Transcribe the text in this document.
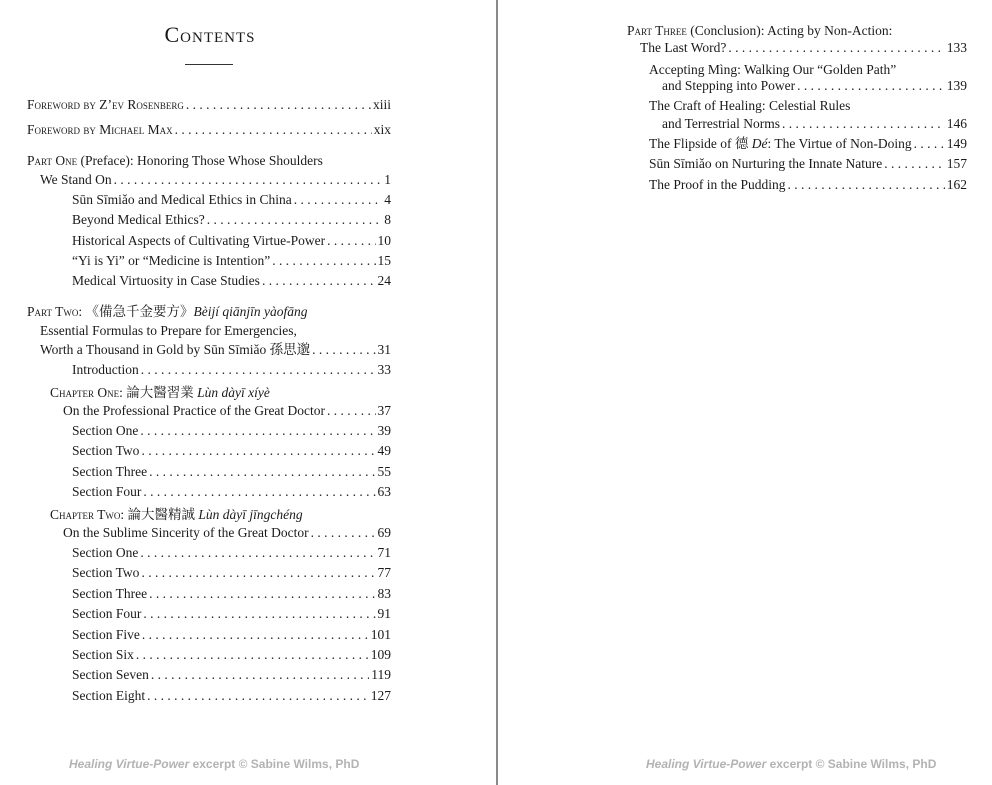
Contents
Foreword by Z’ev Rosenberg . . .	xiii
Foreword by Michael Max . . .	xix
Part One (Preface): Honoring Those Whose Shoulders
We Stand On . . .	1
Sūn Sīmiǎo and Medical Ethics in China . . .	4
Beyond Medical Ethics? . . .	8
Historical Aspects of Cultivating Virtue-Power . . .	10
“Yi is Yi” or “Medicine is Intention” . . .	15
Medical Virtuosity in Case Studies . . .	24
Part Two: 《備急千金要方》Bèijí qiānjīn yàofāng
Essential Formulas to Prepare for Emergencies,
Worth a Thousand in Gold by Sūn Sīmiǎo 孫思邈 . . .	31
Introduction . . .	33
Chapter One: 論大醫習業 Lùn dàyī xíyè
On the Professional Practice of the Great Doctor . . .	37
Section One . . .	39
Section Two . . .	49
Section Three . . .	55
Section Four . . .	63
Chapter Two: 論大醫精誠 Lùn dàyī jīngchéng
On the Sublime Sincerity of the Great Doctor . . .	69
Section One . . .	71
Section Two . . .	77
Section Three . . .	83
Section Four . . .	91
Section Five . . .	101
Section Six . . .	109
Section Seven . . .	119
Section Eight . . .	127
Healing Virtue-Power excerpt © Sabine Wilms, PhD
Part Three (Conclusion): Acting by Non-Action:
The Last Word? . . .	133
Accepting Mìng: Walking Our “Golden Path”
and Stepping into Power . . .	139
The Craft of Healing: Celestial Rules
and Terrestrial Norms . . .	146
The Flipside of 德 Dé: The Virtue of Non-Doing . . .	149
Sūn Sīmiǎo on Nurturing the Innate Nature . . .	157
The Proof in the Pudding . . .	162
Healing Virtue-Power excerpt © Sabine Wilms, PhD
